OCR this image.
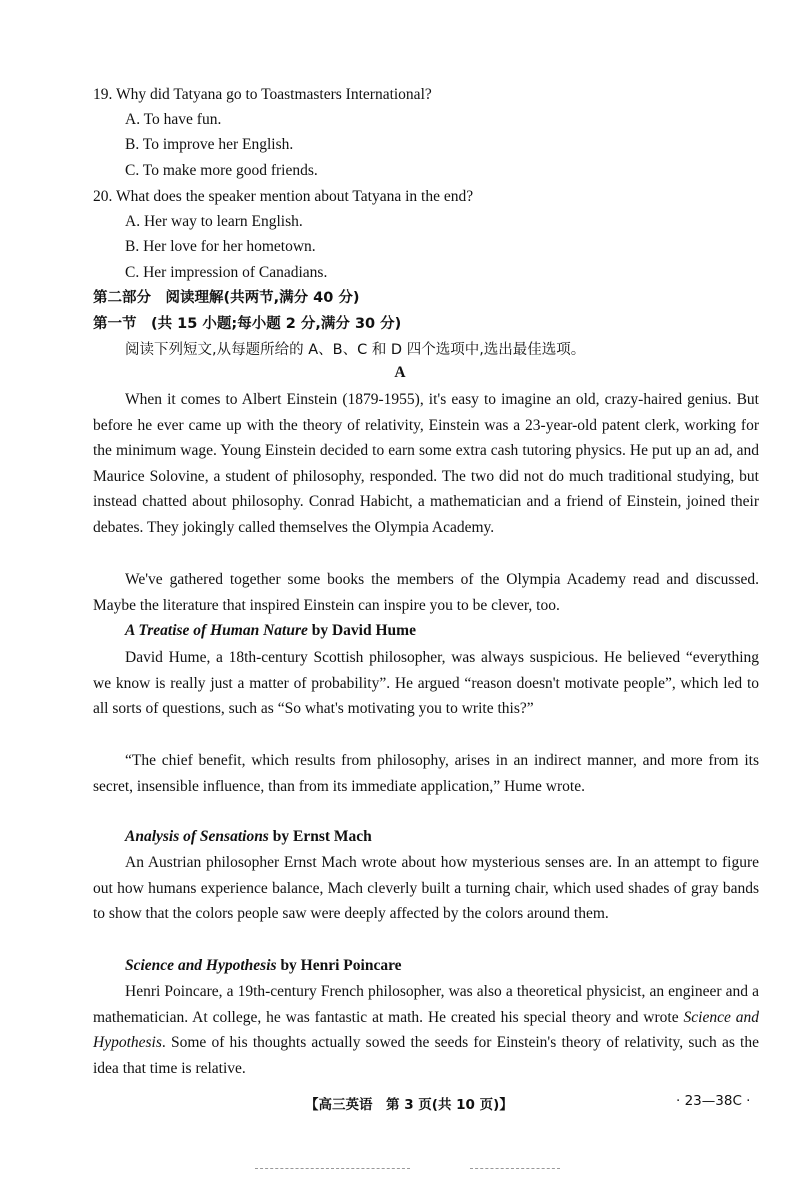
19. Why did Tatyana go to Toastmasters International?
A. To have fun.
B. To improve her English.
C. To make more good friends.
20. What does the speaker mention about Tatyana in the end?
A. Her way to learn English.
B. Her love for her hometown.
C. Her impression of Canadians.
第二部分　阅读理解(共两节,满分 40 分)
第一节　(共 15 小题;每小题 2 分,满分 30 分)
阅读下列短文,从每题所给的 A、B、C 和 D 四个选项中,选出最佳选项。
A

When it comes to Albert Einstein (1879-1955), it's easy to imagine an old, crazy-haired genius. But before he ever came up with the theory of relativity, Einstein was a 23-year-old patent clerk, working for the minimum wage. Young Einstein decided to earn some extra cash tutoring physics. He put up an ad, and Maurice Solovine, a student of philosophy, responded. The two did not do much traditional studying, but instead chatted about philosophy. Conrad Habicht, a mathematician and a friend of Einstein, joined their debates. They jokingly called themselves the Olympia Academy.

We've gathered together some books the members of the Olympia Academy read and discussed. Maybe the literature that inspired Einstein can inspire you to be clever, too.

A Treatise of Human Nature by David Hume

David Hume, a 18th-century Scottish philosopher, was always suspicious. He believed “everything we know is really just a matter of probability”. He argued “reason doesn't motivate people”, which led to all sorts of questions, such as “So what's motivating you to write this?”

“The chief benefit, which results from philosophy, arises in an indirect manner, and more from its secret, insensible influence, than from its immediate application,” Hume wrote.

Analysis of Sensations by Ernst Mach

An Austrian philosopher Ernst Mach wrote about how mysterious senses are. In an attempt to figure out how humans experience balance, Mach cleverly built a turning chair, which used shades of gray bands to show that the colors people saw were deeply affected by the colors around them.

Science and Hypothesis by Henri Poincare

Henri Poincare, a 19th-century French philosopher, was also a theoretical physicist, an engineer and a mathematician. At college, he was fantastic at math. He created his special theory and wrote Science and Hypothesis. Some of his thoughts actually sowed the seeds for Einstein's theory of relativity, such as the idea that time is relative.

【高三英语　第 3 页(共 10 页)】	· 23—38C ·
